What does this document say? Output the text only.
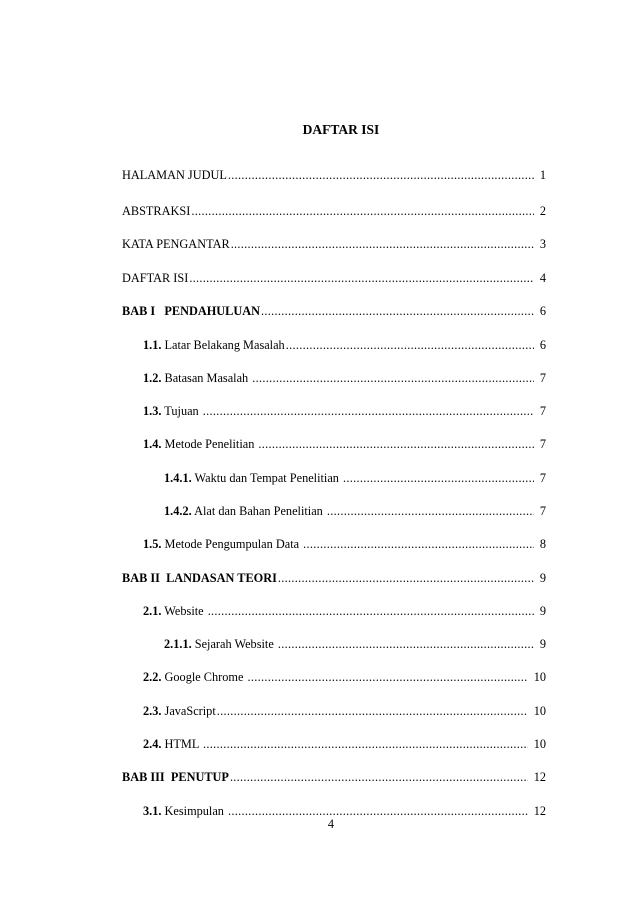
DAFTAR ISI
HALAMAN JUDUL .....	1
ABSTRAKSI .....	2
KATA PENGANTAR .....	3
DAFTAR ISI .....	4
BAB I   PENDAHULUAN .....	6
1.1. Latar Belakang Masalah .....	6
1.2. Batasan Masalah .....	7
1.3. Tujuan .....	7
1.4. Metode Penelitian .....	7
1.4.1. Waktu dan Tempat Penelitian .....	7
1.4.2. Alat dan Bahan Penelitian .....	7
1.5. Metode Pengumpulan Data .....	8
BAB II  LANDASAN TEORI .....	9
2.1. Website .....	9
2.1.1. Sejarah Website .....	9
2.2. Google Chrome .....	10
2.3. JavaScript .....	10
2.4. HTML .....	10
BAB III  PENUTUP .....	12
3.1. Kesimpulan .....	12
4
